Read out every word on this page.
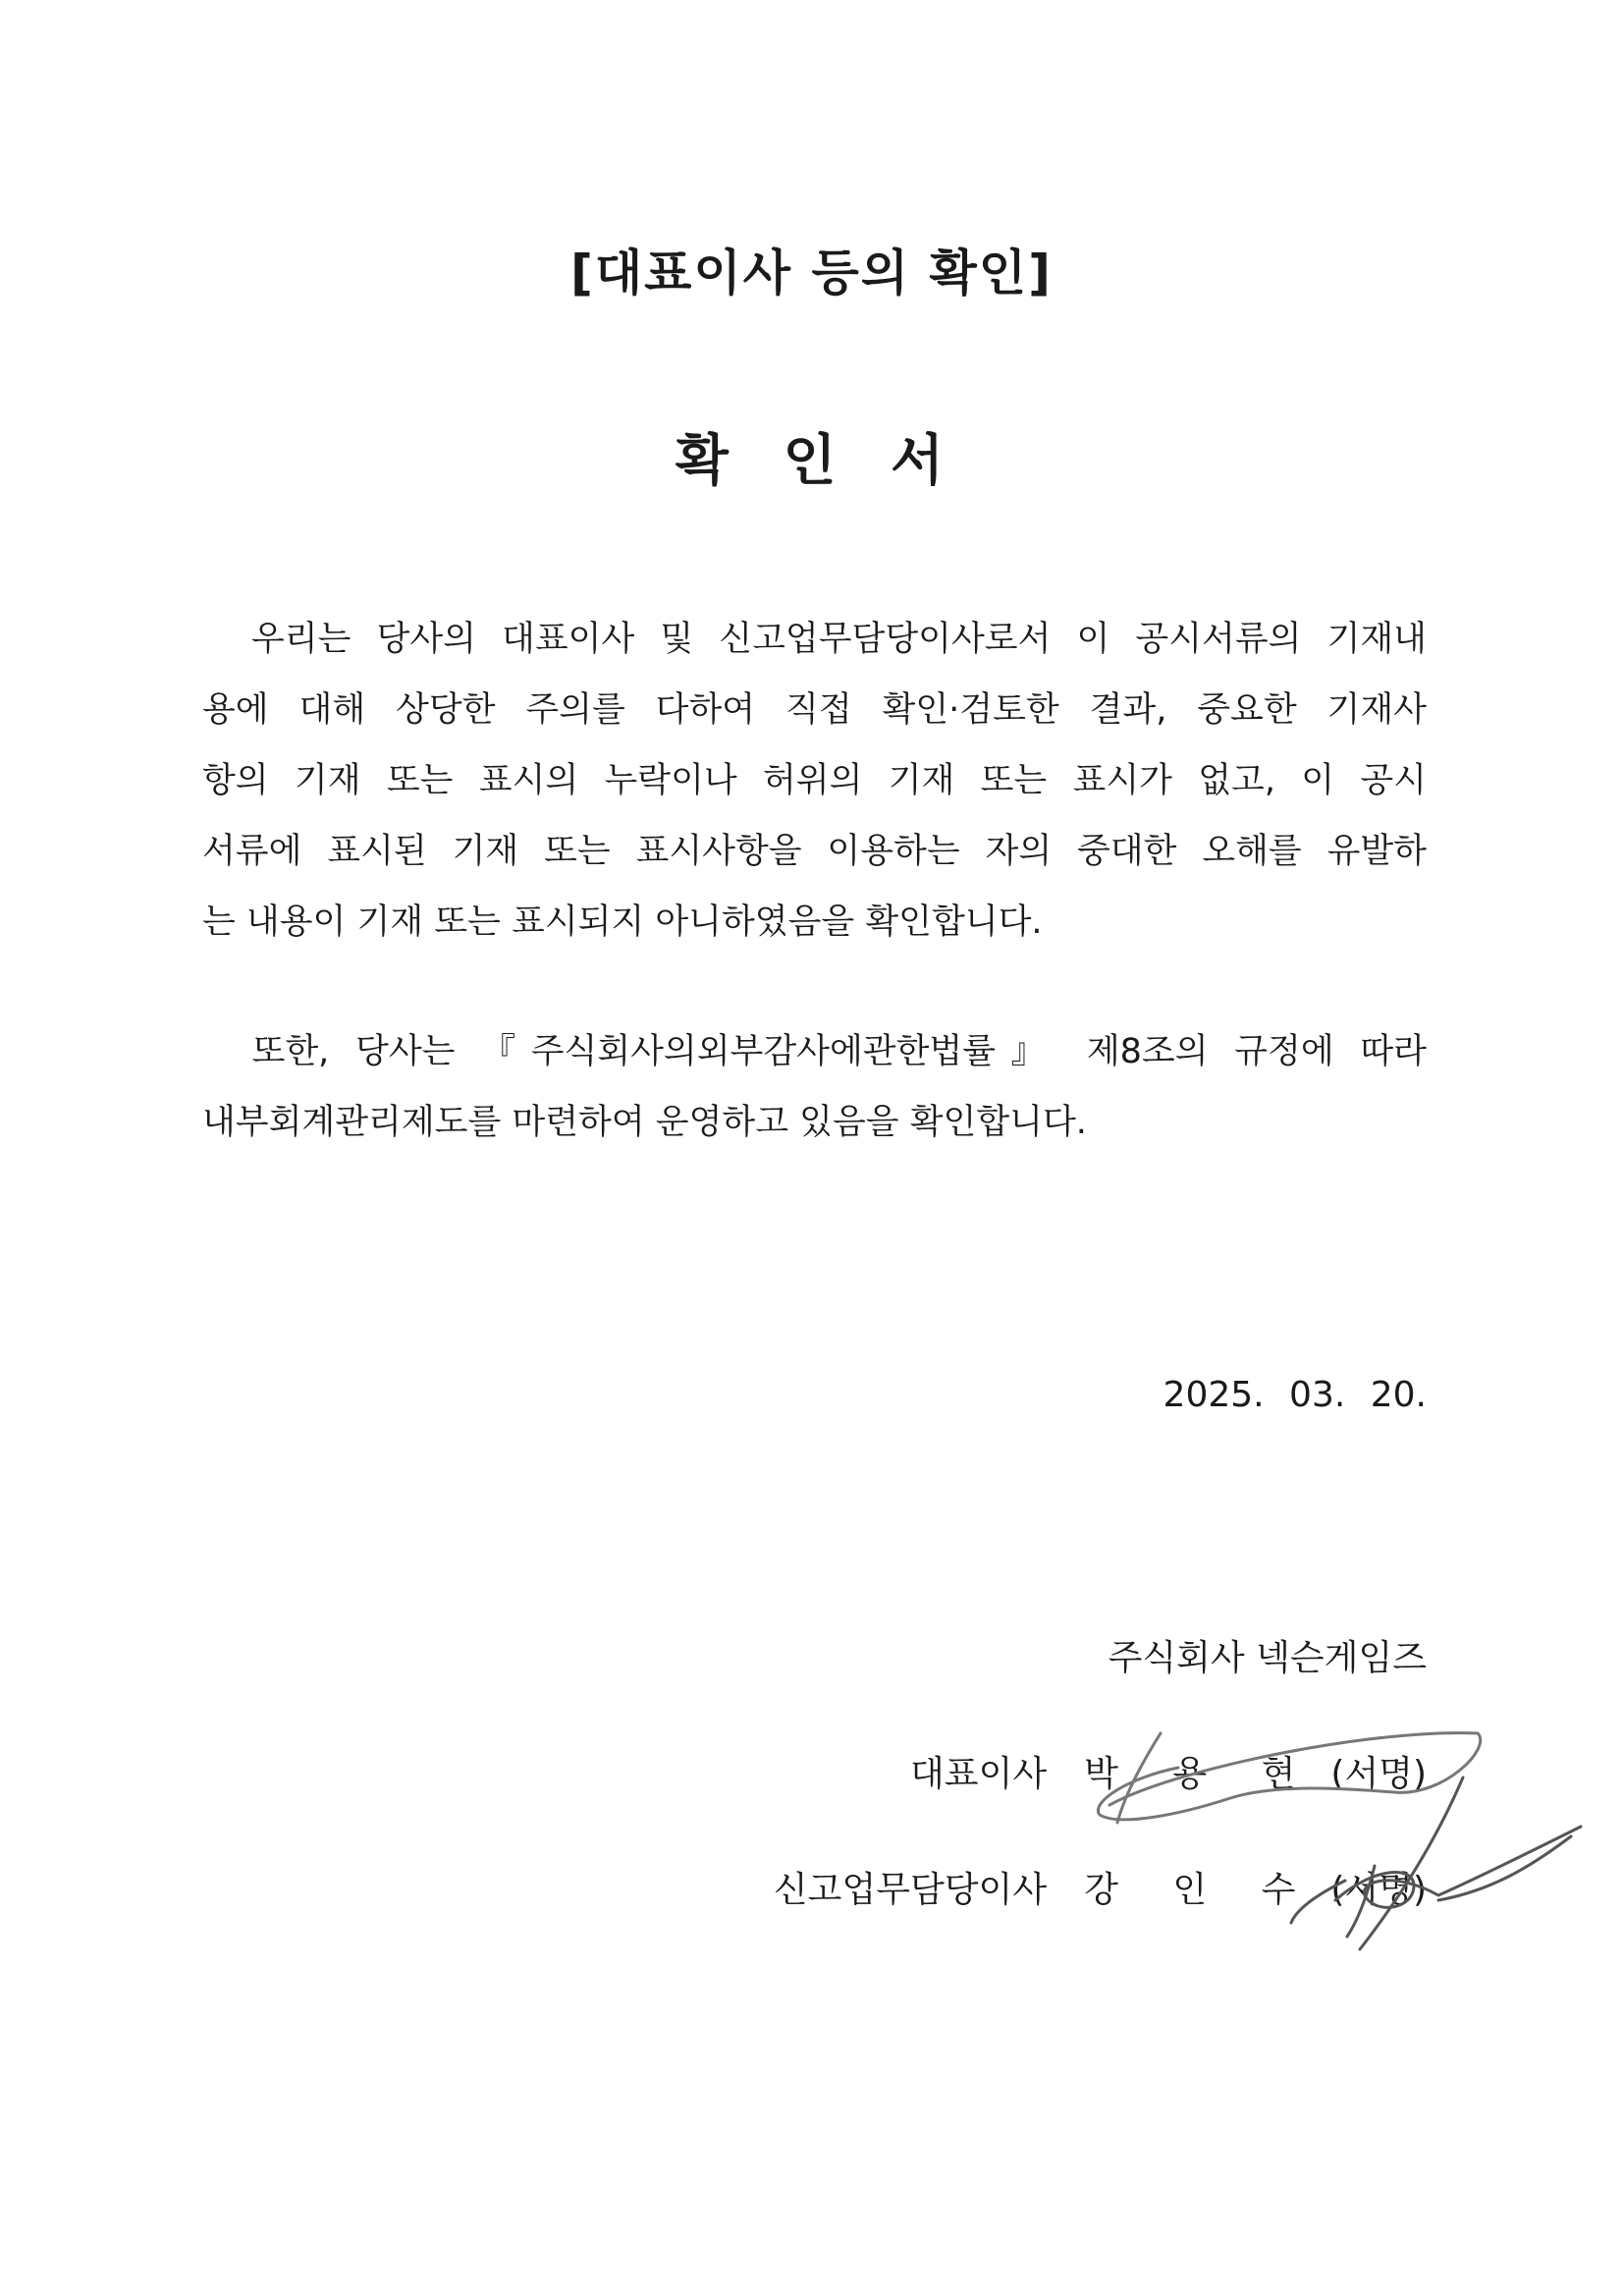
[대표이사 등의 확인]
확 인 서
　우리는 당사의 대표이사 및 신고업무담당이사로서 이 공시서류의 기재내
용에 대해 상당한 주의를 다하여 직접 확인·검토한 결과, 중요한 기재사
항의 기재 또는 표시의 누락이나 허위의 기재 또는 표시가 없고, 이 공시
서류에 표시된 기재 또는 표시사항을 이용하는 자의 중대한 오해를 유발하
는 내용이 기재 또는 표시되지 아니하였음을 확인합니다.
　또한, 당사는 『주식회사의외부감사에관한법률』 제8조의 규정에 따라
내부회계관리제도를 마련하여 운영하고 있음을 확인합니다.
2025. 03. 20.
주식회사 넥슨게임즈
대표이사 박 용 현 (서명)
신고업무담당이사 강 인 수 (서명)
